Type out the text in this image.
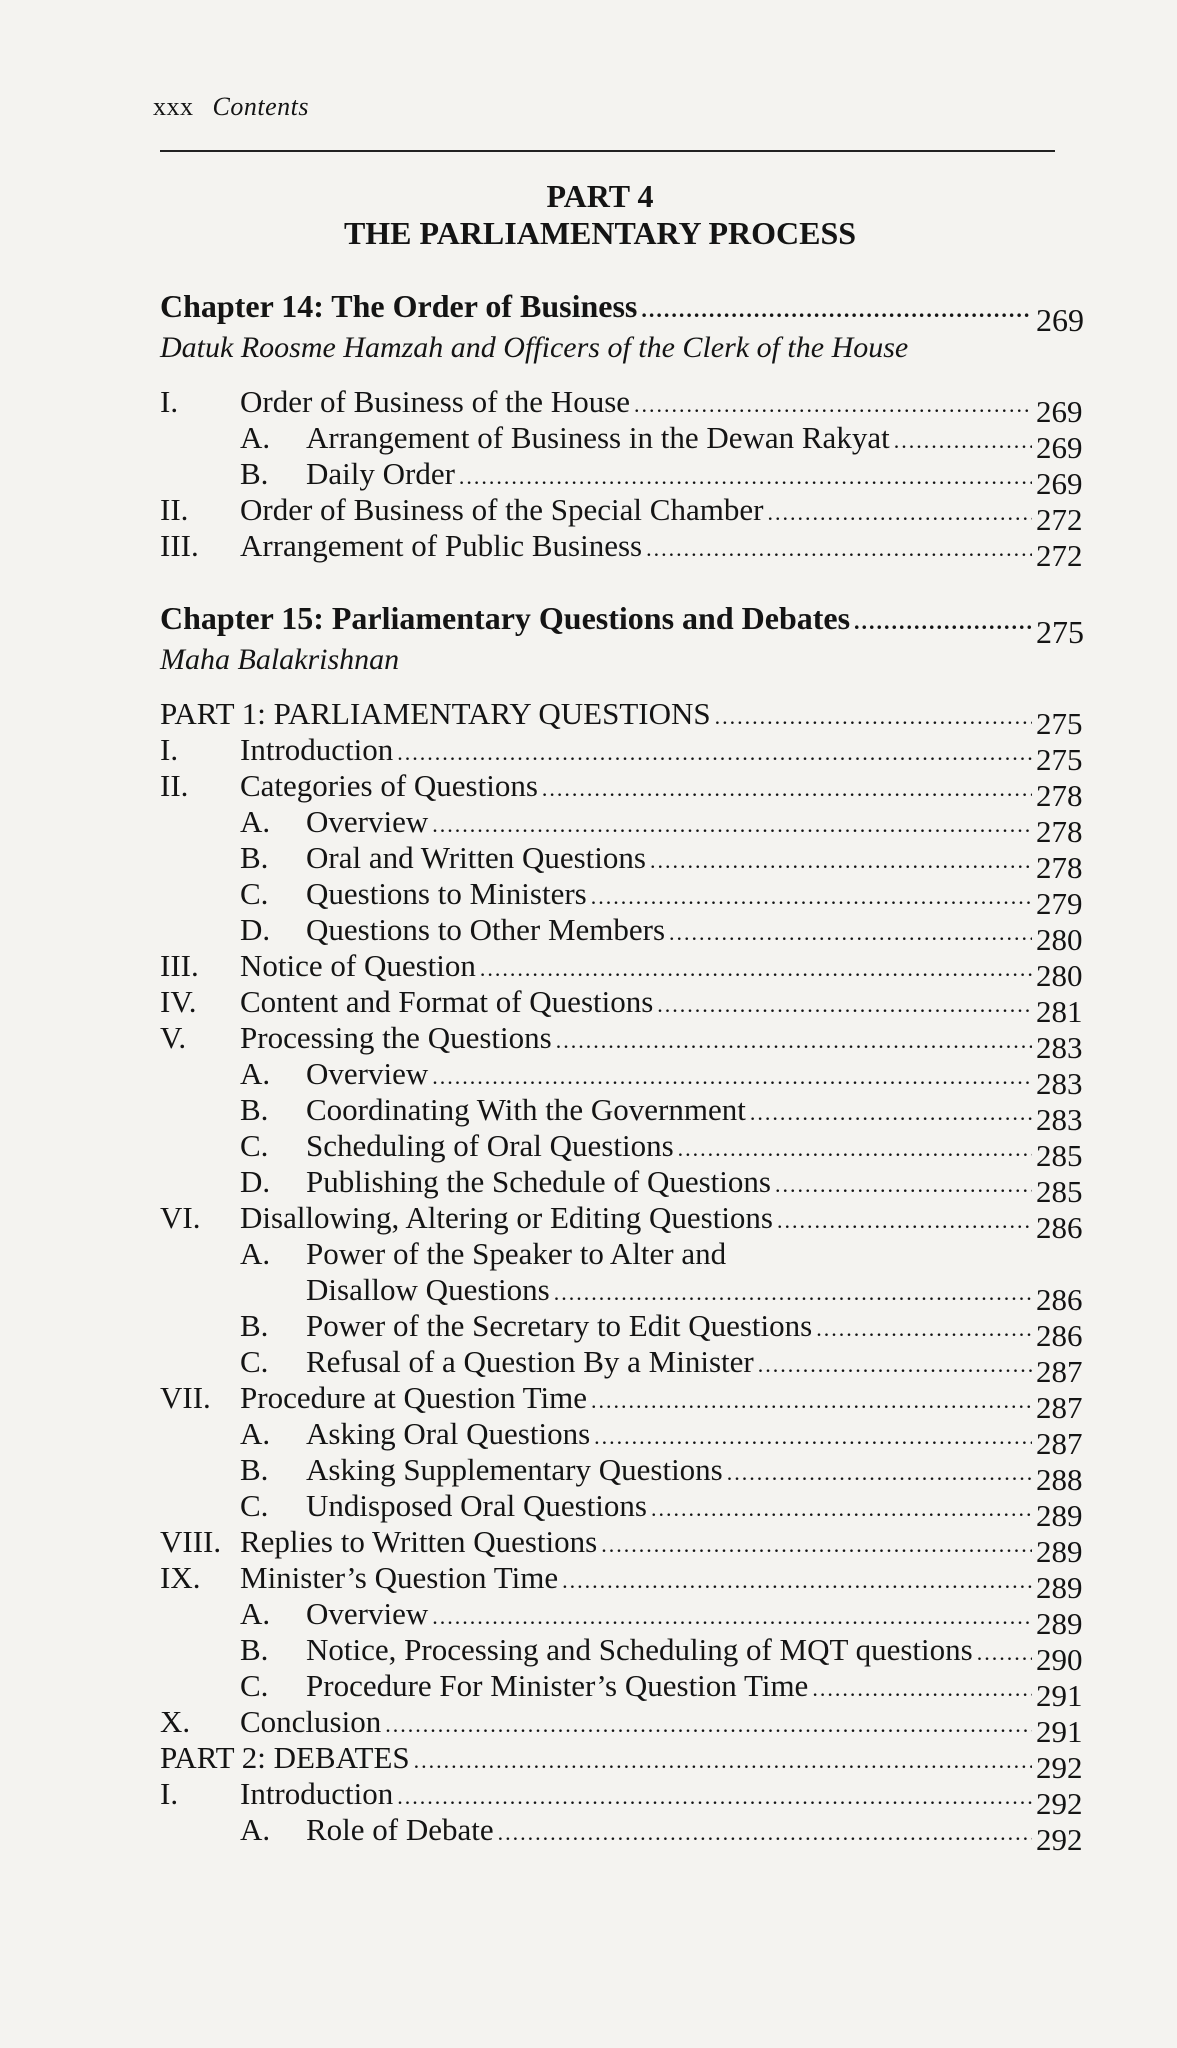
xxx Contents
PART 4
THE PARLIAMENTARY PROCESS
Chapter 14: The Order of Business .....	269
Datuk Roosme Hamzah and Officers of the Clerk of the House
I.	Order of Business of the House .....	269
A.	Arrangement of Business in the Dewan Rakyat .....	269
B.	Daily Order .....	269
II.	Order of Business of the Special Chamber .....	272
III.	Arrangement of Public Business .....	272
Chapter 15: Parliamentary Questions and Debates .....	275
Maha Balakrishnan
PART 1: PARLIAMENTARY QUESTIONS .....	275
I.	Introduction .....	275
II.	Categories of Questions .....	278
A.	Overview .....	278
B.	Oral and Written Questions .....	278
C.	Questions to Ministers .....	279
D.	Questions to Other Members .....	280
III.	Notice of Question .....	280
IV.	Content and Format of Questions .....	281
V.	Processing the Questions .....	283
A.	Overview .....	283
B.	Coordinating With the Government .....	283
C.	Scheduling of Oral Questions .....	285
D.	Publishing the Schedule of Questions .....	285
VI.	Disallowing, Altering or Editing Questions .....	286
A.	Power of the Speaker to Alter and
Disallow Questions .....	286
B.	Power of the Secretary to Edit Questions .....	286
C.	Refusal of a Question By a Minister .....	287
VII. Procedure at Question Time .....	287
A.	Asking Oral Questions .....	287
B.	Asking Supplementary Questions .....	288
C.	Undisposed Oral Questions .....	289
VIII. Replies to Written Questions .....	289
IX.	Minister’s Question Time .....	289
A.	Overview .....	289
B.	Notice, Processing and Scheduling of MQT questions ..... 290
C.	Procedure For Minister’s Question Time .....	291
X.	Conclusion .....	291
PART 2: DEBATES .....	292
I.	Introduction .....	292
A.	Role of Debate .....	292
